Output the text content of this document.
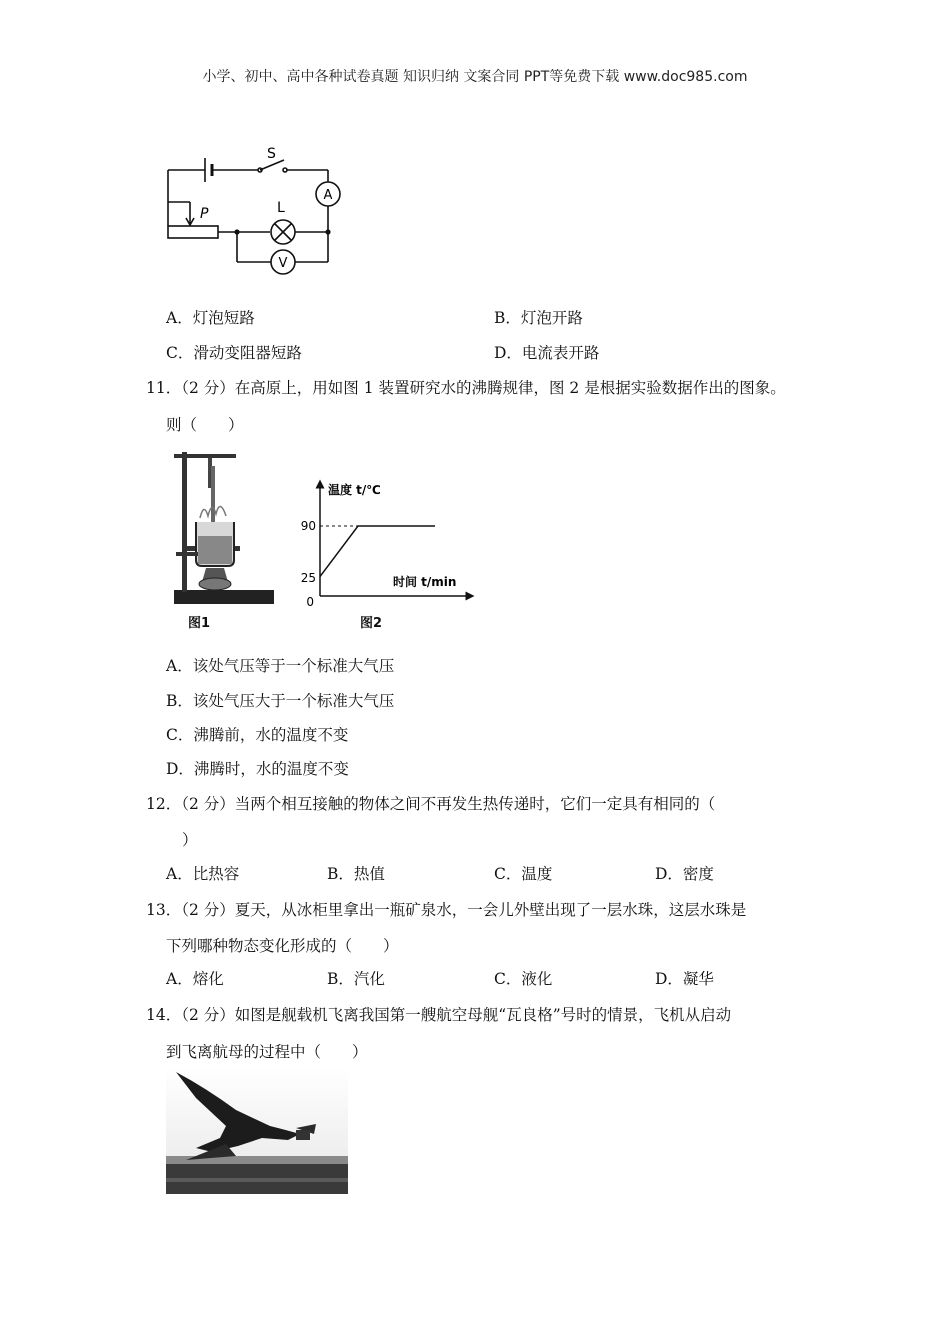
小学、初中、高中各种试卷真题 知识归纳 文案合同 PPT等免费下载 www.doc985.com
S
A
L
P
V
A．灯泡短路	B．灯泡开路
C．滑动变阻器短路	D．电流表开路
11．（2 分）在高原上，用如图 1 装置研究水的沸腾规律，图 2 是根据实验数据作出的图象。
则（　　）
图1
温度 t/℃
时间 t/min
90
25
0
图2
A．该处气压等于一个标准大气压
B．该处气压大于一个标准大气压
C．沸腾前，水的温度不变
D．沸腾时，水的温度不变
12．（2 分）当两个相互接触的物体之间不再发生热传递时，它们一定具有相同的（
）
A．比热容	B．热值	C．温度	D．密度
13．（2 分）夏天，从冰柜里拿出一瓶矿泉水，一会儿外壁出现了一层水珠，这层水珠是
下列哪种物态变化形成的（　　）
A．熔化	B．汽化	C．液化	D．凝华
14．（2 分）如图是舰载机飞离我国第一艘航空母舰“瓦良格”号时的情景，飞机从启动
到飞离航母的过程中（　　）
